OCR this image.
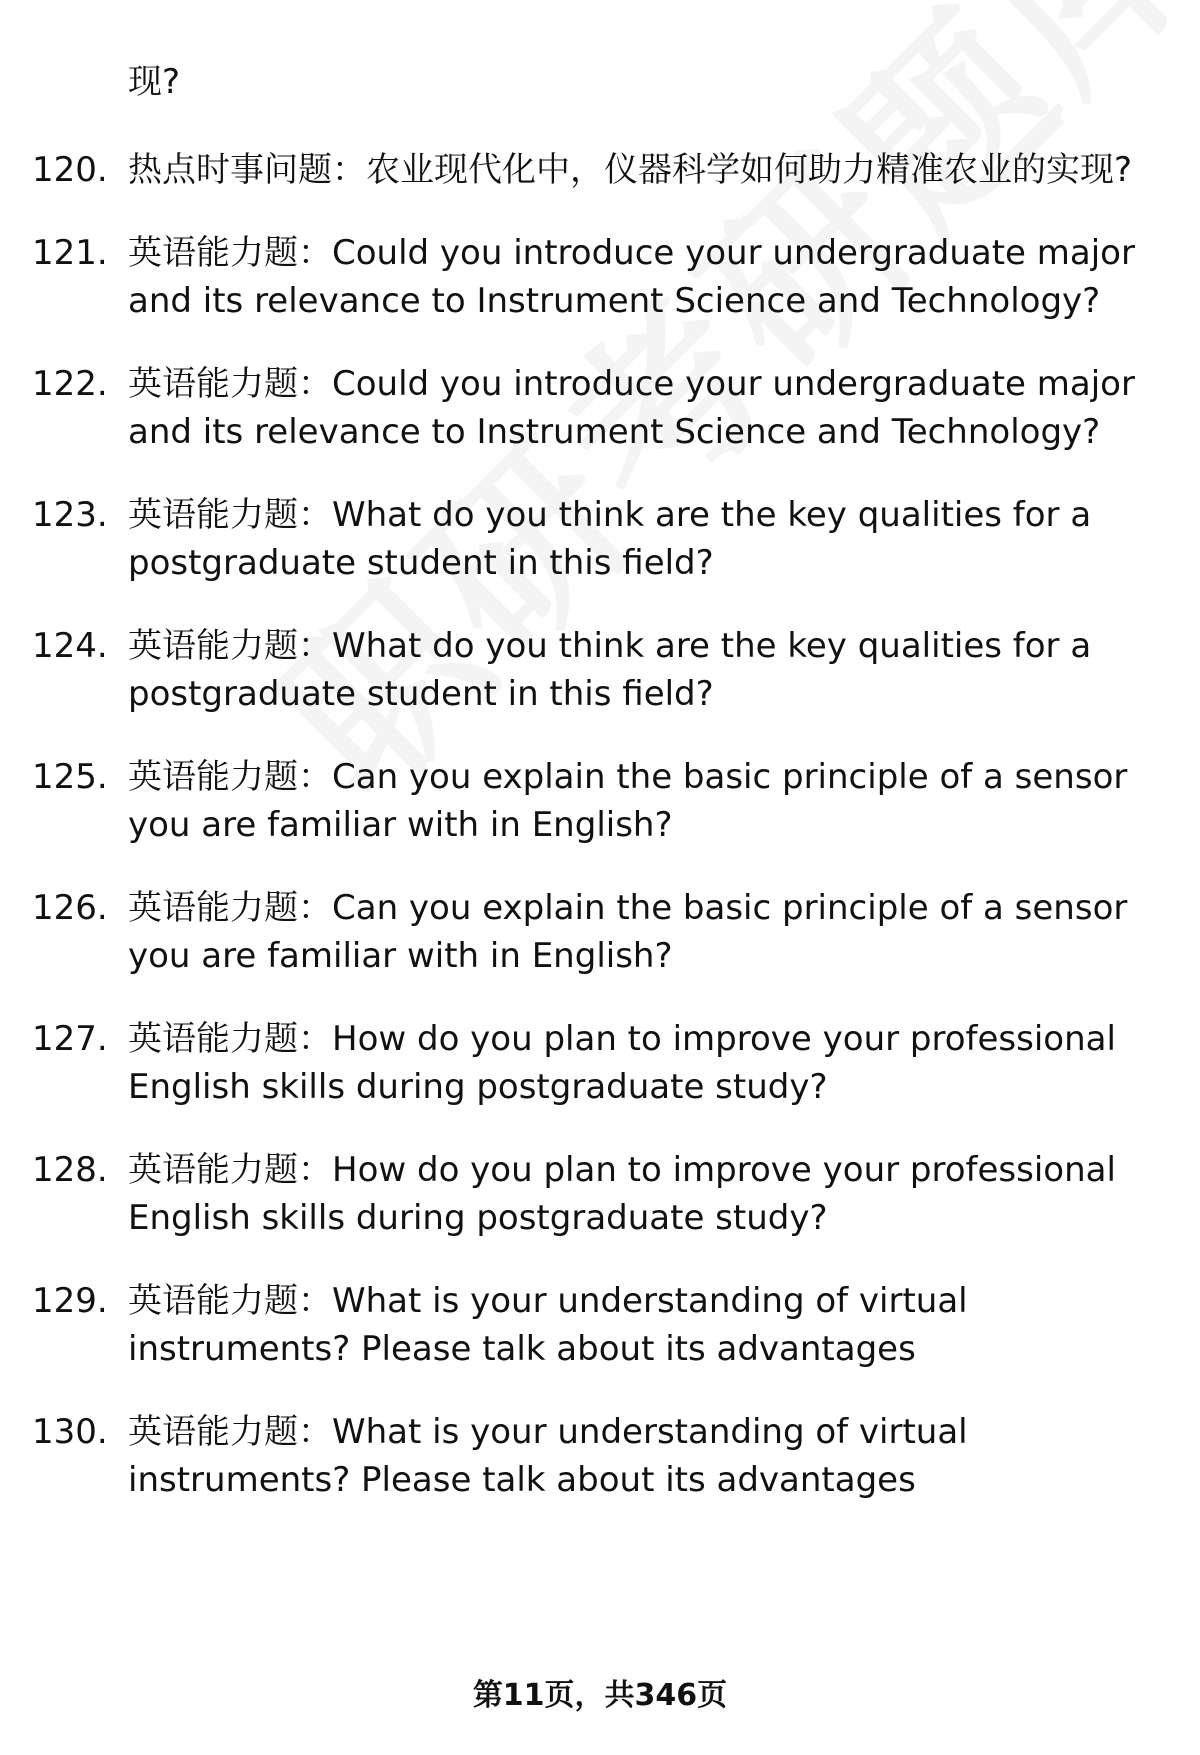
现?
120. 热点时事问题：农业现代化中，仪器科学如何助力精准农业的实现?
121. 英语能力题：Could you introduce your undergraduate major and its relevance to Instrument Science and Technology?
122. 英语能力题：Could you introduce your undergraduate major and its relevance to Instrument Science and Technology?
123. 英语能力题：What do you think are the key qualities for a postgraduate student in this field?
124. 英语能力题：What do you think are the key qualities for a postgraduate student in this field?
125. 英语能力题：Can you explain the basic principle of a sensor you are familiar with in English?
126. 英语能力题：Can you explain the basic principle of a sensor you are familiar with in English?
127. 英语能力题：How do you plan to improve your professional English skills during postgraduate study?
128. 英语能力题：How do you plan to improve your professional English skills during postgraduate study?
129. 英语能力题：What is your understanding of virtual instruments? Please talk about its advantages
130. 英语能力题：What is your understanding of virtual instruments? Please talk about its advantages
第11页，共346页
